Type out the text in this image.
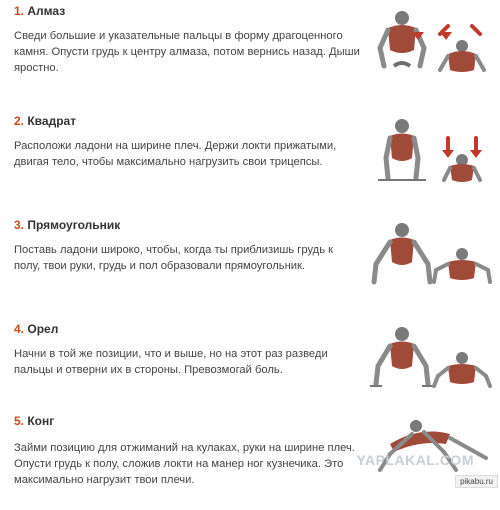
1. Алмаз

Сведи большие и указательные пальцы в форму драгоценного камня. Опусти грудь к центру алмаза, потом вернись назад. Дыши яростно.

2. Квадрат

Расположи ладони на ширине плеч. Держи локти прижатыми, двигая тело, чтобы максимально нагрузить свои трицепсы.

3. Прямоугольник

Поставь ладони широко, чтобы, когда ты приблизишь грудь к полу, твои руки, грудь и пол образовали прямоугольник.

4. Орел

Начни в той же позиции, что и выше, но на этот раз разведи пальцы и отверни их в стороны. Превозмогай боль.

5. Конг

Займи позицию для отжиманий на кулаках, руки на ширине плеч. Опусти грудь к полу, сложив локти на манер ног кузнечика. Это максимально нагрузит твои плечи.

YAPLAKAL.COM
pikabu.ru
